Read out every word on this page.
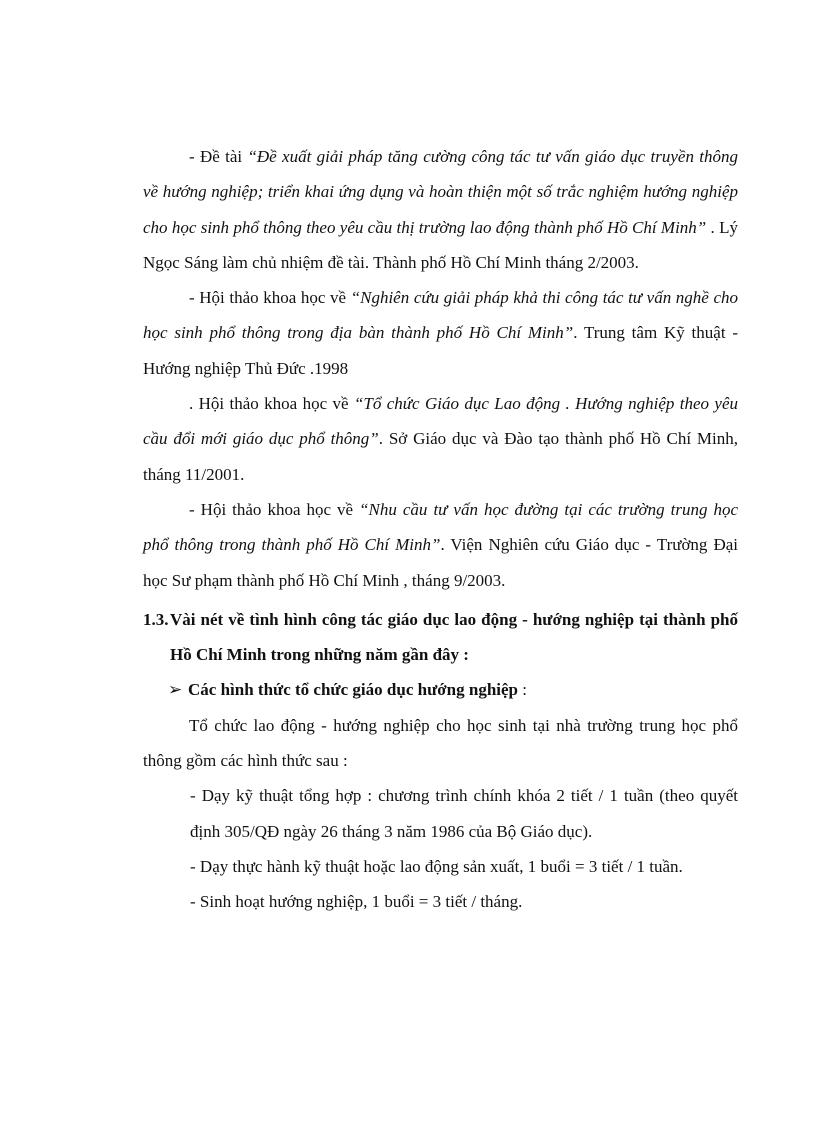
- Đề tài “Đề xuất giải pháp tăng cường công tác tư vấn giáo dục truyền thông về hướng nghiệp; triển khai ứng dụng và hoàn thiện một số trắc nghiệm hướng nghiệp cho học sinh phổ thông theo yêu cầu thị trường lao động thành phố Hồ Chí Minh” . Lý Ngọc Sáng làm chủ nhiệm đề tài. Thành phố Hồ Chí Minh tháng 2/2003.

- Hội thảo khoa học về “Nghiên cứu giải pháp khả thi công tác tư vấn nghề cho học sinh phổ thông trong địa bàn thành phố Hồ Chí Minh”. Trung tâm Kỹ thuật - Hướng nghiệp Thủ Đức .1998

. Hội thảo khoa học về “Tổ chức Giáo dục Lao động . Hướng nghiệp theo yêu cầu đổi mới giáo dục phổ thông”. Sở Giáo dục và Đào tạo thành phố Hồ Chí Minh, tháng 11/2001.

- Hội thảo khoa học về “Nhu cầu tư vấn học đường tại các trường trung học phổ thông trong thành phố Hồ Chí Minh”. Viện Nghiên cứu Giáo dục - Trường Đại học Sư phạm thành phố Hồ Chí Minh , tháng 9/2003.

1.3.Vài nét về tình hình công tác giáo dục lao động - hướng nghiệp tại thành phố Hồ Chí Minh trong những năm gần đây :

➢ Các hình thức tổ chức giáo dục hướng nghiệp :

Tổ chức lao động - hướng nghiệp cho học sinh tại nhà trường trung học phổ thông gồm các hình thức sau :

- Dạy kỹ thuật tổng hợp : chương trình chính khóa 2 tiết / 1 tuần (theo quyết định 305/QĐ ngày 26 tháng 3 năm 1986 của Bộ Giáo dục).

- Dạy thực hành kỹ thuật hoặc lao động sản xuất, 1 buổi = 3 tiết / 1 tuần.

- Sinh hoạt hướng nghiệp, 1 buổi = 3 tiết / tháng.
